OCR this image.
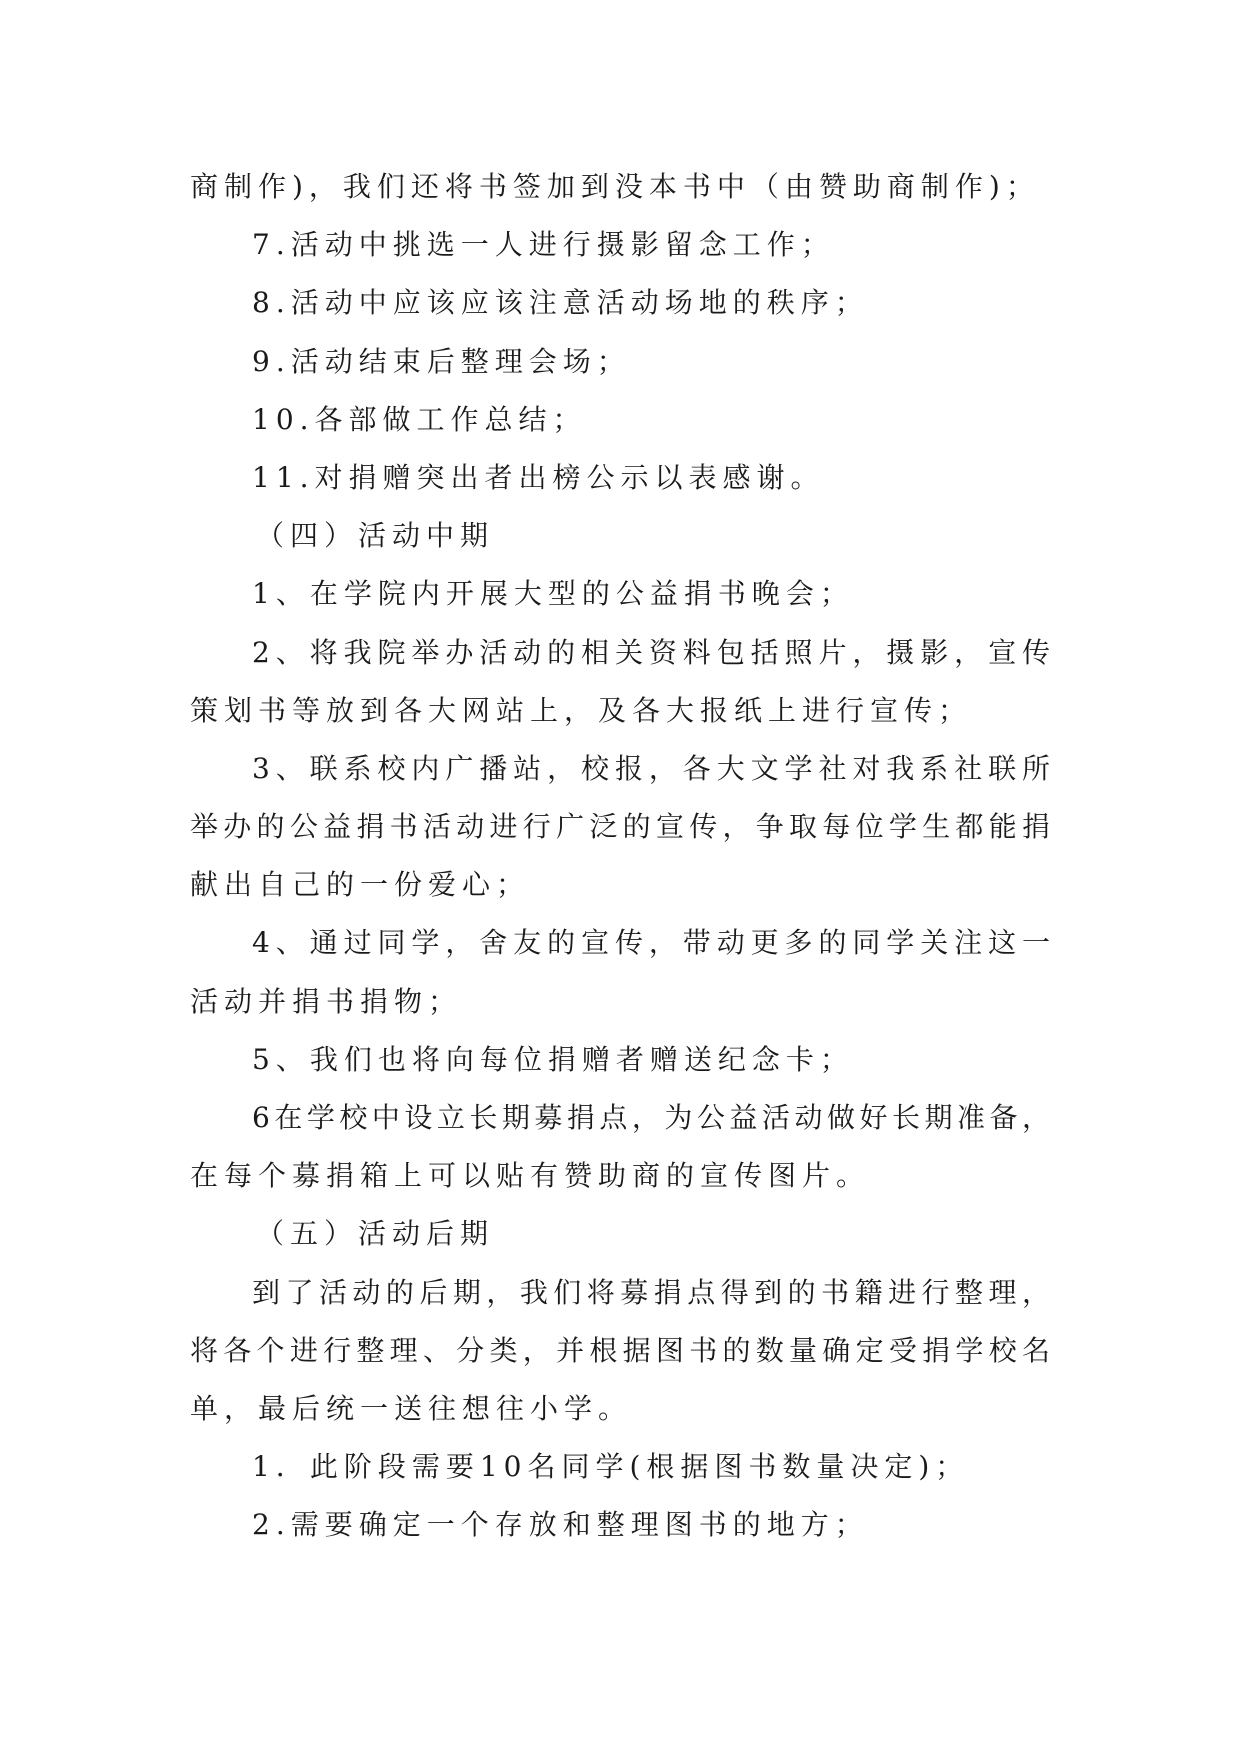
商制作)，我们还将书签加到没本书中（由赞助商制作)；
7.活动中挑选一人进行摄影留念工作；
8.活动中应该应该注意活动场地的秩序；
9.活动结束后整理会场；
10.各部做工作总结；
11.对捐赠突出者出榜公示以表感谢。
（四）活动中期
1、在学院内开展大型的公益捐书晚会；
2、将我院举办活动的相关资料包括照片，摄影，宣传
策划书等放到各大网站上，及各大报纸上进行宣传；
3、联系校内广播站，校报，各大文学社对我系社联所
举办的公益捐书活动进行广泛的宣传，争取每位学生都能捐
献出自己的一份爱心；
4、通过同学，舍友的宣传，带动更多的同学关注这一
活动并捐书捐物；
5、我们也将向每位捐赠者赠送纪念卡；
6在学校中设立长期募捐点，为公益活动做好长期准备，
在每个募捐箱上可以贴有赞助商的宣传图片。
（五）活动后期
到了活动的后期，我们将募捐点得到的书籍进行整理，
将各个进行整理、分类，并根据图书的数量确定受捐学校名
单，最后统一送往想往小学。
1．此阶段需要10名同学(根据图书数量决定)；
2.需要确定一个存放和整理图书的地方；
